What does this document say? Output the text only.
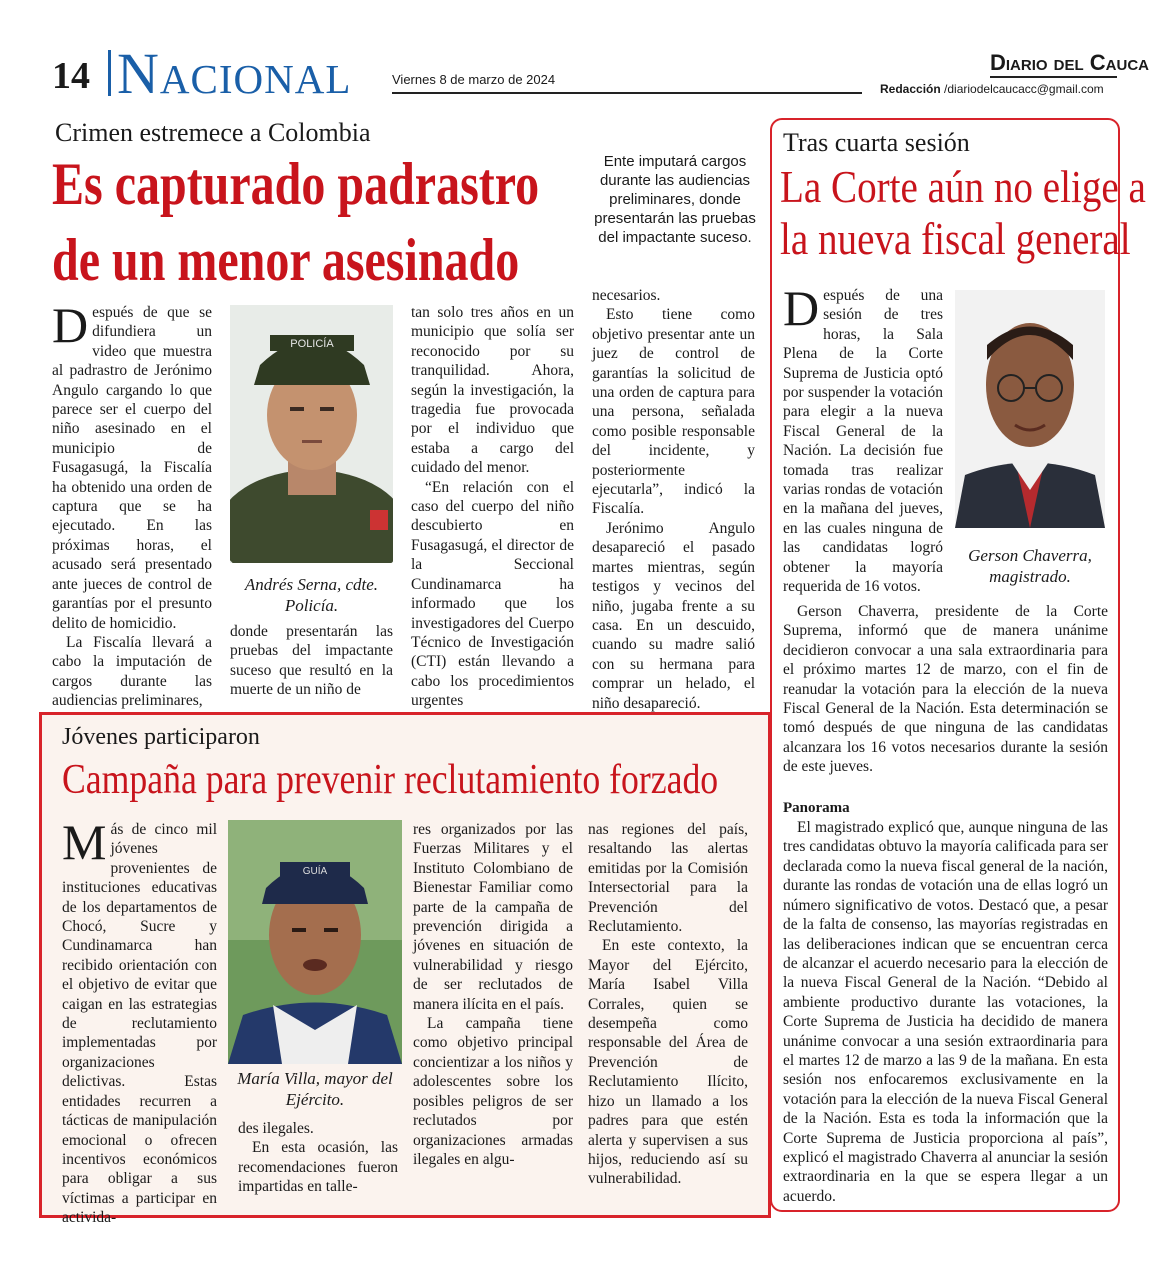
14 Nacional	Viernes 8 de marzo de 2024
Diario del Cauca
Redacción /diariodelcaucacc@gmail.com
Crimen estremece a Colombia
Es capturado padrastro
de un menor asesinado
Ente imputará cargos durante las audiencias preliminares, donde presentarán las pruebas del impactante suceso.

Después de que se difundiera un video que muestra al padrastro de Jerónimo Angulo cargando lo que parece ser el cuerpo del niño asesinado en el municipio de Fusagasugá, la Fiscalía ha obtenido una orden de captura que se ha ejecutado. En las próximas horas, el acusado será presentado ante jueces de control de garantías por el presunto delito de homicidio.

La Fiscalía llevará a cabo la imputación de cargos durante las audiencias preliminares,

POLICÍA
Andrés Serna, cdte. Policía.

donde presentarán las pruebas del impactante suceso que resultó en la muerte de un niño de

tan solo tres años en un municipio que solía ser reconocido por su tranquilidad. Ahora, según la investigación, la tragedia fue provocada por el individuo que estaba a cargo del cuidado del menor.

“En relación con el caso del cuerpo del niño descubierto en Fusagasugá, el director de la Seccional Cundinamarca ha informado que los investigadores del Cuerpo Técnico de Investigación (CTI) están llevando a cabo los procedimientos urgentes

necesarios.

Esto tiene como objetivo presentar ante un juez de control de garantías la solicitud de una orden de captura para una persona, señalada como posible responsable del incidente, y posteriormente ejecutarla”, indicó la Fiscalía.

Jerónimo Angulo desapareció el pasado martes mientras, según testigos y vecinos del niño, jugaba frente a su casa. En un descuido, cuando su madre salió con su hermana para comprar un helado, el niño desapareció.

Tras cuarta sesión
La Corte aún no elige a
la nueva fiscal general
Gerson Chaverra, magistrado.

Después de una sesión de tres horas, la Sala Plena de la Corte Suprema de Justicia optó por suspender la votación para elegir a la nueva Fiscal General de la Nación. La decisión fue tomada tras realizar varias rondas de votación en la mañana del jueves, en las cuales ninguna de las candidatas logró obtener la mayoría requerida de 16 votos.

Gerson Chaverra, presidente de la Corte Suprema, informó que de manera unánime decidieron convocar a una sala extraordinaria para el próximo martes 12 de marzo, con el fin de reanudar la votación para la elección de la nueva Fiscal General de la Nación. Esta determinación se tomó después de que ninguna de las candidatas alcanzara los 16 votos necesarios durante la sesión de este jueves.

Panorama

El magistrado explicó que, aunque ninguna de las tres candidatas obtuvo la mayoría calificada para ser declarada como la nueva fiscal general de la nación, durante las rondas de votación una de ellas logró un número significativo de votos. Destacó que, a pesar de la falta de consenso, las mayorías registradas en las deliberaciones indican que se encuentran cerca de alcanzar el acuerdo necesario para la elección de la nueva Fiscal General de la Nación. “Debido al ambiente productivo durante las votaciones, la Corte Suprema de Justicia ha decidido de manera unánime convocar a una sesión extraordinaria para el martes 12 de marzo a las 9 de la mañana. En esta sesión nos enfocaremos exclusivamente en la votación para la elección de la nueva Fiscal General de la Nación. Esta es toda la información que la Corte Suprema de Justicia proporciona al país”, explicó el magistrado Chaverra al anunciar la sesión extraordinaria en la que se espera llegar a un acuerdo.

Jóvenes participaron
Campaña para prevenir reclutamiento forzado

Más de cinco mil jóvenes provenientes de instituciones educativas de los departamentos de Chocó, Sucre y Cundinamarca han recibido orientación con el objetivo de evitar que caigan en las estrategias de reclutamiento implementadas por organizaciones delictivas. Estas entidades recurren a tácticas de manipulación emocional o ofrecen incentivos económicos para obligar a sus víctimas a participar en activida-

GUÍA
María Villa, mayor del Ejército.

des ilegales.

En esta ocasión, las recomendaciones fueron impartidas en talle-

res organizados por las Fuerzas Militares y el Instituto Colombiano de Bienestar Familiar como parte de la campaña de prevención dirigida a jóvenes en situación de vulnerabilidad y riesgo de ser reclutados de manera ilícita en el país.

La campaña tiene como objetivo principal concientizar a los niños y adolescentes sobre los posibles peligros de ser reclutados por organizaciones armadas ilegales en algu-

nas regiones del país, resaltando las alertas emitidas por la Comisión Intersectorial para la Prevención del Reclutamiento.

En este contexto, la Mayor del Ejército, María Isabel Villa Corrales, quien se desempeña como responsable del Área de Prevención de Reclutamiento Ilícito, hizo un llamado a los padres para que estén alerta y supervisen a sus hijos, reduciendo así su vulnerabilidad.
